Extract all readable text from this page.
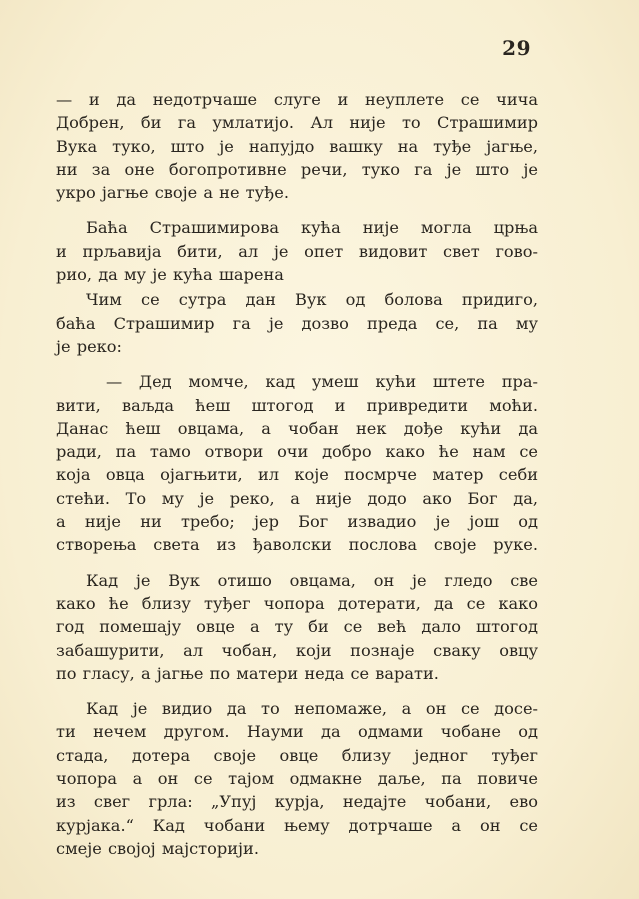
29
— и да недотрчаше слуге и неуплете се чича
Добрен, би га умлатијо. Ал није то Страшимир
Вука туко, што је напујдо вашку на туђе јагње,
ни за оне богопротивне речи, туко га је што је
укро јагње своје а не туђе.
Баћа Страшимирова кућа није могла црња
и прљавија бити, ал је опет видовит свет гово-
рио, да му је кућа шарена
Чим се сутра дан Вук од болова придиго,
баћа Страшимир га је дозво преда се, па му
је реко:
— Дед момче, кад умеш кући штете пра-
вити, ваљда ћеш штогод и привредити моћи.
Данас ћеш овцама, а чобан нек дође кући да
ради, па тамо отвори очи добро како ће нам се
која овца ојагњити, ил које посмрче матер себи
стећи. То му је реко, а није додо ако Бог да,
а није ни требо; јер Бог извадио је још од
створења света из ђаволски послова своје руке.
Кад је Вук отишо овцама, он је гледо све
како ће близу туђег чопора дотерати, да се како
год помешају овце а ту би се већ дало штогод
забашурити, ал чобан, који познаје сваку овцу
по гласу, а јагње по матери неда се варати.
Кад је видио да то непомаже, а он се досе-
ти нечем другом. Науми да одмами чобане од
стада, дотера своје овце близу једног туђег
чопора а он се тајом одмакне даље, па повиче
из свег грла: „Упуј курја, недајте чобани, ево
курјака.“ Кад чобани њему дотрчаше а он се
смеје својој мајсторији.
